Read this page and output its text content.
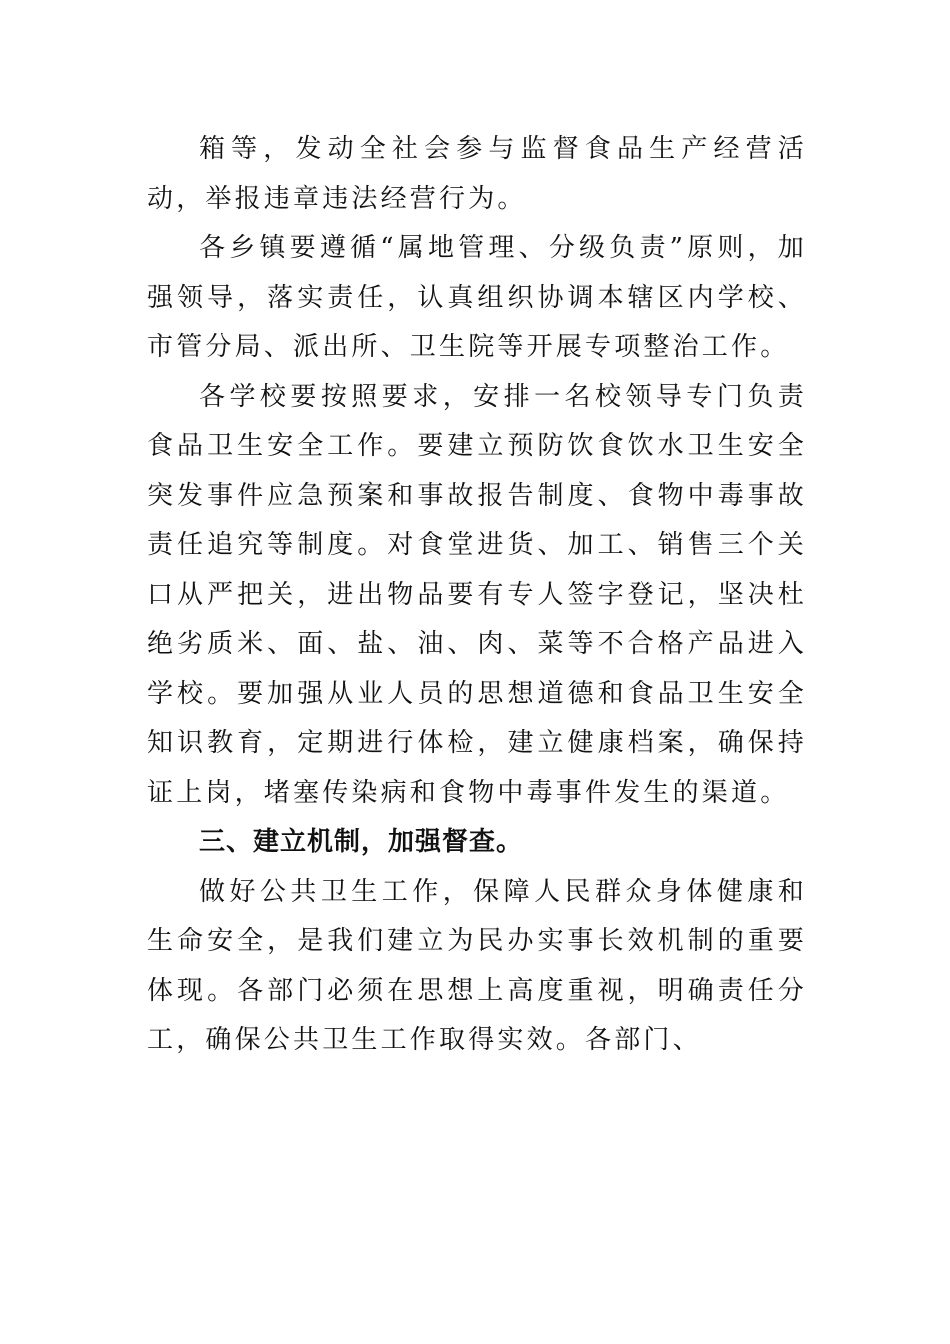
箱等，发动全社会参与监督食品生产经营活动，举报违章违法经营行为。

各乡镇要遵循“属地管理、分级负责”原则，加强领导，落实责任，认真组织协调本辖区内学校、市管分局、派出所、卫生院等开展专项整治工作。

各学校要按照要求，安排一名校领导专门负责食品卫生安全工作。要建立预防饮食饮水卫生安全突发事件应急预案和事故报告制度、食物中毒事故责任追究等制度。对食堂进货、加工、销售三个关口从严把关，进出物品要有专人签字登记，坚决杜绝劣质米、面、盐、油、肉、菜等不合格产品进入学校。要加强从业人员的思想道德和食品卫生安全知识教育，定期进行体检，建立健康档案，确保持证上岗，堵塞传染病和食物中毒事件发生的渠道。

三、建立机制，加强督查。

做好公共卫生工作，保障人民群众身体健康和生命安全，是我们建立为民办实事长效机制的重要体现。各部门必须在思想上高度重视，明确责任分工，确保公共卫生工作取得实效。各部门、
